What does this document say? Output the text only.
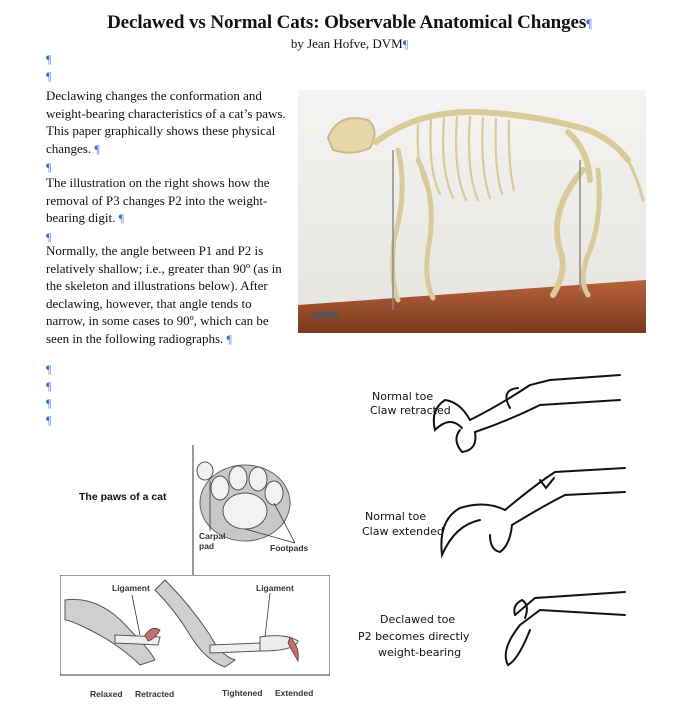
Declawed vs Normal Cats: Observable Anatomical Changes¶
by Jean Hofve, DVM¶
¶
¶
Declawing changes the conformation and weight-bearing characteristics of a cat’s paws. This paper graphically shows these physical changes. ¶
¶
The illustration on the right shows how the removal of P3 changes P2 into the weight-bearing digit. ¶
¶
Normally, the angle between P1 and P2 is relatively shallow; i.e., greater than 90º (as in the skeleton and illustrations below). After declawing, however, that angle tends to narrow, in some cases to 90º, which can be seen in the following radiographs. ¶
¶
¶
¶
¶
Normal toe
Claw retracted
Normal toe
Claw extended
Declawed toe
P2 becomes directly
weight-bearing
The paws of a cat
Carpal
pad	Footpads
Ligament	Ligament
Relaxed Retracted	Tightened Extended
